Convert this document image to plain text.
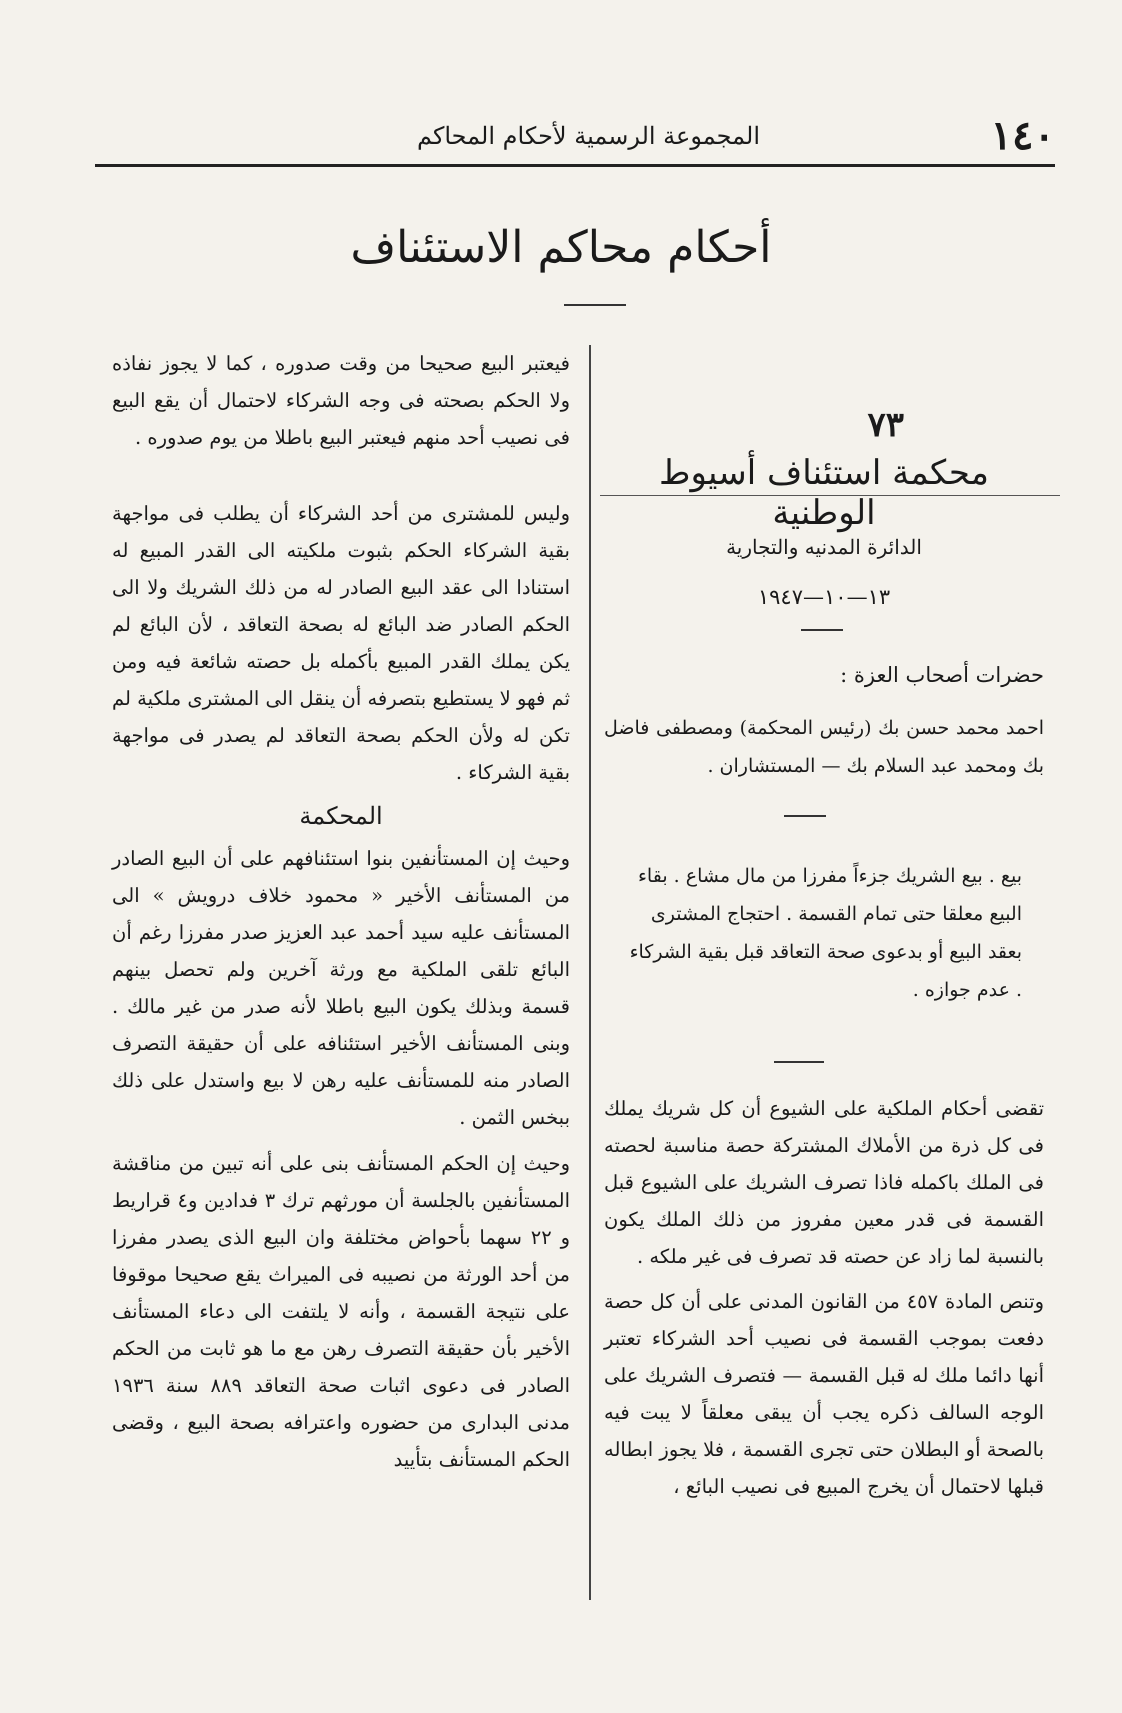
١٤٠
المجموعة الرسمية لأحكام المحاكم
أحكام محاكم الاستئناف
٧٣
محكمة استئناف أسيوط الوطنية
الدائرة المدنيه والتجارية
١٣—١٠—١٩٤٧
حضرات أصحاب العزة :
احمد محمد حسن بك (رئيس المحكمة) ومصطفى فاضل بك ومحمد عبد السلام بك — المستشاران .
بيع . بيع الشريك جزءاً مفرزا من مال مشاع . بقاء البيع معلقا حتى تمام القسمة . احتجاج المشترى بعقد البيع أو بدعوى صحة التعاقد قبل بقية الشركاء . عدم جوازه .

تقضى أحكام الملكية على الشيوع أن كل شريك يملك فى كل ذرة من الأملاك المشتركة حصة مناسبة لحصته فى الملك باكمله فاذا تصرف الشريك على الشيوع قبل القسمة فى قدر معين مفروز من ذلك الملك يكون بالنسبة لما زاد عن حصته قد تصرف فى غير ملكه .

وتنص المادة ٤٥٧ من القانون المدنى على أن كل حصة دفعت بموجب القسمة فى نصيب أحد الشركاء تعتبر أنها دائما ملك له قبل القسمة — فتصرف الشريك على الوجه السالف ذكره يجب أن يبقى معلقاً لا يبت فيه بالصحة أو البطلان حتى تجرى القسمة ، فلا يجوز ابطاله قبلها لاحتمال أن يخرج المبيع فى نصيب البائع ،

فيعتبر البيع صحيحا من وقت صدوره ، كما لا يجوز نفاذه ولا الحكم بصحته فى وجه الشركاء لاحتمال أن يقع البيع فى نصيب أحد منهم فيعتبر البيع باطلا من يوم صدوره .

وليس للمشترى من أحد الشركاء أن يطلب فى مواجهة بقية الشركاء الحكم بثبوت ملكيته الى القدر المبيع له استنادا الى عقد البيع الصادر له من ذلك الشريك ولا الى الحكم الصادر ضد البائع له بصحة التعاقد ، لأن البائع لم يكن يملك القدر المبيع بأكمله بل حصته شائعة فيه ومن ثم فهو لا يستطيع بتصرفه أن ينقل الى المشترى ملكية لم تكن له ولأن الحكم بصحة التعاقد لم يصدر فى مواجهة بقية الشركاء .

المحكمة

وحيث إن المستأنفين بنوا استئنافهم على أن البيع الصادر من المستأنف الأخير « محمود خلاف درويش » الى المستأنف عليه سيد أحمد عبد العزيز صدر مفرزا رغم أن البائع تلقى الملكية مع ورثة آخرين ولم تحصل بينهم قسمة وبذلك يكون البيع باطلا لأنه صدر من غير مالك . وبنى المستأنف الأخير استئنافه على أن حقيقة التصرف الصادر منه للمستأنف عليه رهن لا بيع واستدل على ذلك ببخس الثمن .

وحيث إن الحكم المستأنف بنى على أنه تبين من مناقشة المستأنفين بالجلسة أن مورثهم ترك ٣ فدادين و٤ قراريط و ٢٢ سهما بأحواض مختلفة وان البيع الذى يصدر مفرزا من أحد الورثة من نصيبه فى الميراث يقع صحيحا موقوفا على نتيجة القسمة ، وأنه لا يلتفت الى دعاء المستأنف الأخير بأن حقيقة التصرف رهن مع ما هو ثابت من الحكم الصادر فى دعوى اثبات صحة التعاقد ٨٨٩ سنة ١٩٣٦ مدنى البدارى من حضوره واعترافه بصحة البيع ، وقضى الحكم المستأنف بتأييد
